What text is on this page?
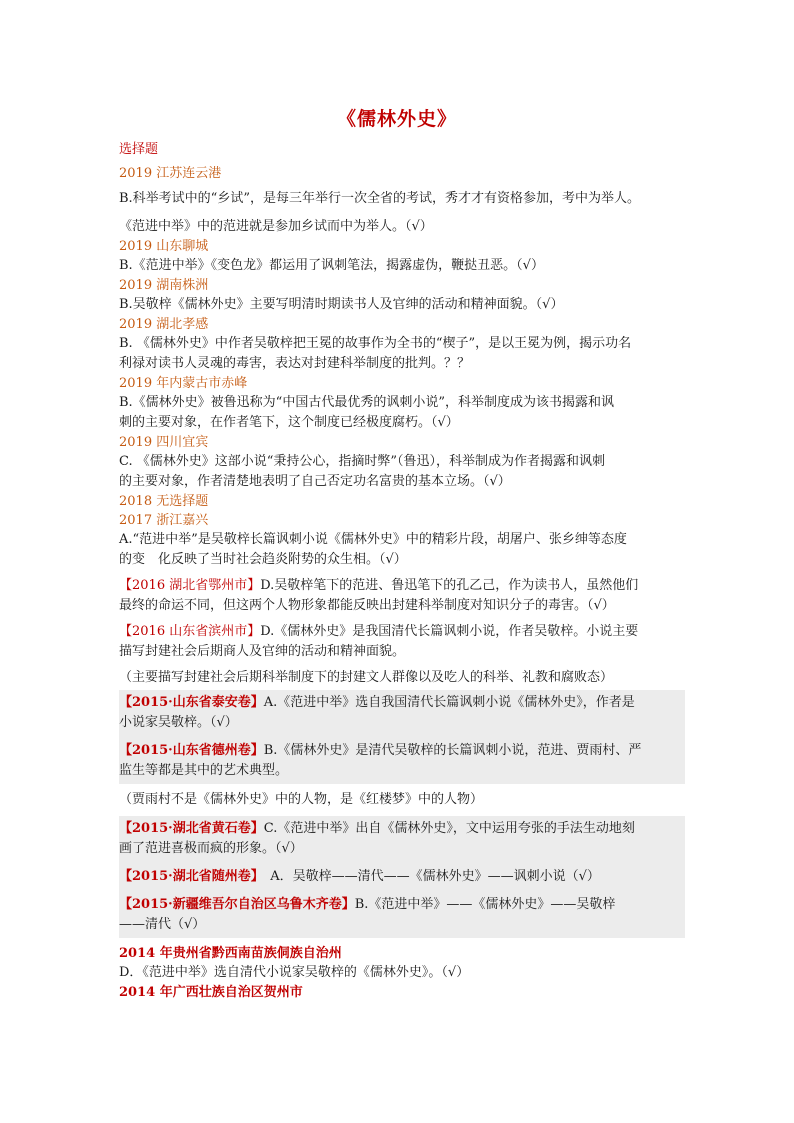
《儒林外史》
选择题

2019 江苏连云港

B.科举考试中的“乡试”，是每三年举行一次全省的考试，秀才才有资格参加，考中为举人。

《范进中举》中的范进就是参加乡试而中为举人。（√）

2019 山东聊城

B.《范进中举》《变色龙》都运用了讽刺笔法，揭露虚伪，鞭挞丑恶。（√）

2019 湖南株洲

B.吴敬梓《儒林外史》主要写明清时期读书人及官绅的活动和精神面貌。（√）

2019 湖北孝感

B. 《儒林外史》中作者吴敬梓把王冕的故事作为全书的“楔子”，是以王冕为例，揭示功名

利禄对读书人灵魂的毒害，表达对封建科举制度的批判。？？

2019 年内蒙古市赤峰

B.《儒林外史》被鲁迅称为“中国古代最优秀的讽刺小说”，科举制度成为该书揭露和讽

刺的主要对象，在作者笔下，这个制度已经极度腐朽。（√）

2019 四川宜宾

C. 《儒林外史》这部小说“秉持公心，指摘时弊”（鲁迅），科举制成为作者揭露和讽刺

的主要对象，作者清楚地表明了自己否定功名富贵的基本立场。（√）

2018 无选择题

2017 浙江嘉兴

A.“范进中举”是吴敬梓长篇讽刺小说《儒林外史》中的精彩片段，胡屠户、张乡绅等态度

的变　化反映了当时社会趋炎附势的众生相。（√）

【2016 湖北省鄂州市】D.吴敬梓笔下的范进、鲁迅笔下的孔乙己，作为读书人，虽然他们

最终的命运不同，但这两个人物形象都能反映出封建科举制度对知识分子的毒害。（√）

【2016 山东省滨州市】D.《儒林外史》是我国清代长篇讽刺小说，作者吴敬梓。小说主要

描写封建社会后期商人及官绅的活动和精神面貌。

（主要描写封建社会后期科举制度下的封建文人群像以及吃人的科举、礼教和腐败态）

【2015·山东省泰安卷】A.《范进中举》选自我国清代长篇讽刺小说《儒林外史》，作者是

小说家吴敬梓。（√）

【2015·山东省德州卷】B.《儒林外史》是清代吴敬梓的长篇讽刺小说，范进、贾雨村、严

监生等都是其中的艺术典型。

（贾雨村不是《儒林外史》中的人物，是《红楼梦》中的人物）

【2015·湖北省黄石卷】C.《范进中举》出自《儒林外史》，文中运用夸张的手法生动地刻

画了范进喜极而疯的形象。（√）

【2015·湖北省随州卷】　A．吴敬梓——清代——《儒林外史》——讽刺小说（√）

【2015·新疆维吾尔自治区乌鲁木齐卷】B.《范进中举》——《儒林外史》——吴敬梓

——清代（√）

2014 年贵州省黔西南苗族侗族自治州

D．《范进中举》选自清代小说家吴敬梓的《儒林外史》。（√）

2014 年广西壮族自治区贺州市
